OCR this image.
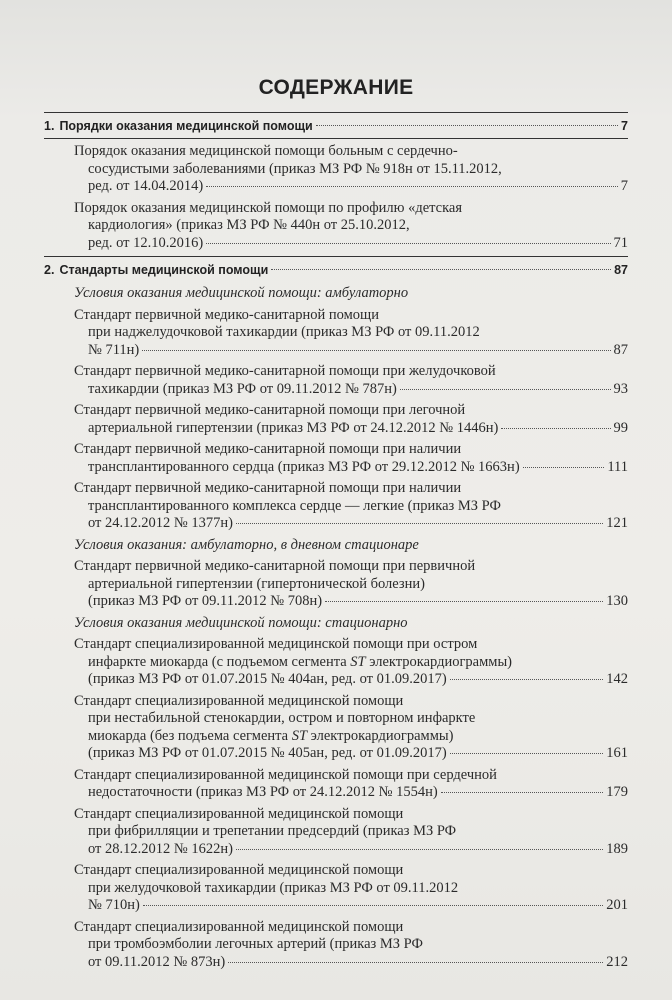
СОДЕРЖАНИЕ
1. Порядки оказания медицинской помощи	7
Порядок оказания медицинской помощи больным с сердечно-
сосудистыми заболеваниями (приказ МЗ РФ № 918н от 15.11.2012,
ред. от 14.04.2014)	7
Порядок оказания медицинской помощи по профилю «детская
кардиология» (приказ МЗ РФ № 440н от 25.10.2012,
ред. от 12.10.2016)	71
2. Стандарты медицинской помощи	87
Условия оказания медицинской помощи: амбулаторно
Стандарт первичной медико-санитарной помощи
при наджелудочковой тахикардии (приказ МЗ РФ от 09.11.2012
№ 711н)	87
Стандарт первичной медико-санитарной помощи при желудочковой
тахикардии (приказ МЗ РФ от 09.11.2012 № 787н)	93
Стандарт первичной медико-санитарной помощи при легочной
артериальной гипертензии (приказ МЗ РФ от 24.12.2012 № 1446н)	99
Стандарт первичной медико-санитарной помощи при наличии
трансплантированного сердца (приказ МЗ РФ от 29.12.2012 № 1663н)	111
Стандарт первичной медико-санитарной помощи при наличии
трансплантированного комплекса сердце — легкие (приказ МЗ РФ
от 24.12.2012 № 1377н)	121
Условия оказания: амбулаторно, в дневном стационаре
Стандарт первичной медико-санитарной помощи при первичной
артериальной гипертензии (гипертонической болезни)
(приказ МЗ РФ от 09.11.2012 № 708н)	130
Условия оказания медицинской помощи: стационарно
Стандарт специализированной медицинской помощи при остром
инфаркте миокарда (с подъемом сегмента ST электрокардиограммы)
(приказ МЗ РФ от 01.07.2015 № 404ан, ред. от 01.09.2017)	142
Стандарт специализированной медицинской помощи
при нестабильной стенокардии, остром и повторном инфаркте
миокарда (без подъема сегмента ST электрокардиограммы)
(приказ МЗ РФ от 01.07.2015 № 405ан, ред. от 01.09.2017)	161
Стандарт специализированной медицинской помощи при сердечной
недостаточности (приказ МЗ РФ от 24.12.2012 № 1554н)	179
Стандарт специализированной медицинской помощи
при фибрилляции и трепетании предсердий (приказ МЗ РФ
от 28.12.2012 № 1622н)	189
Стандарт специализированной медицинской помощи
при желудочковой тахикардии (приказ МЗ РФ от 09.11.2012
№ 710н)	201
Стандарт специализированной медицинской помощи
при тромбоэмболии легочных артерий (приказ МЗ РФ
от 09.11.2012 № 873н)	212
